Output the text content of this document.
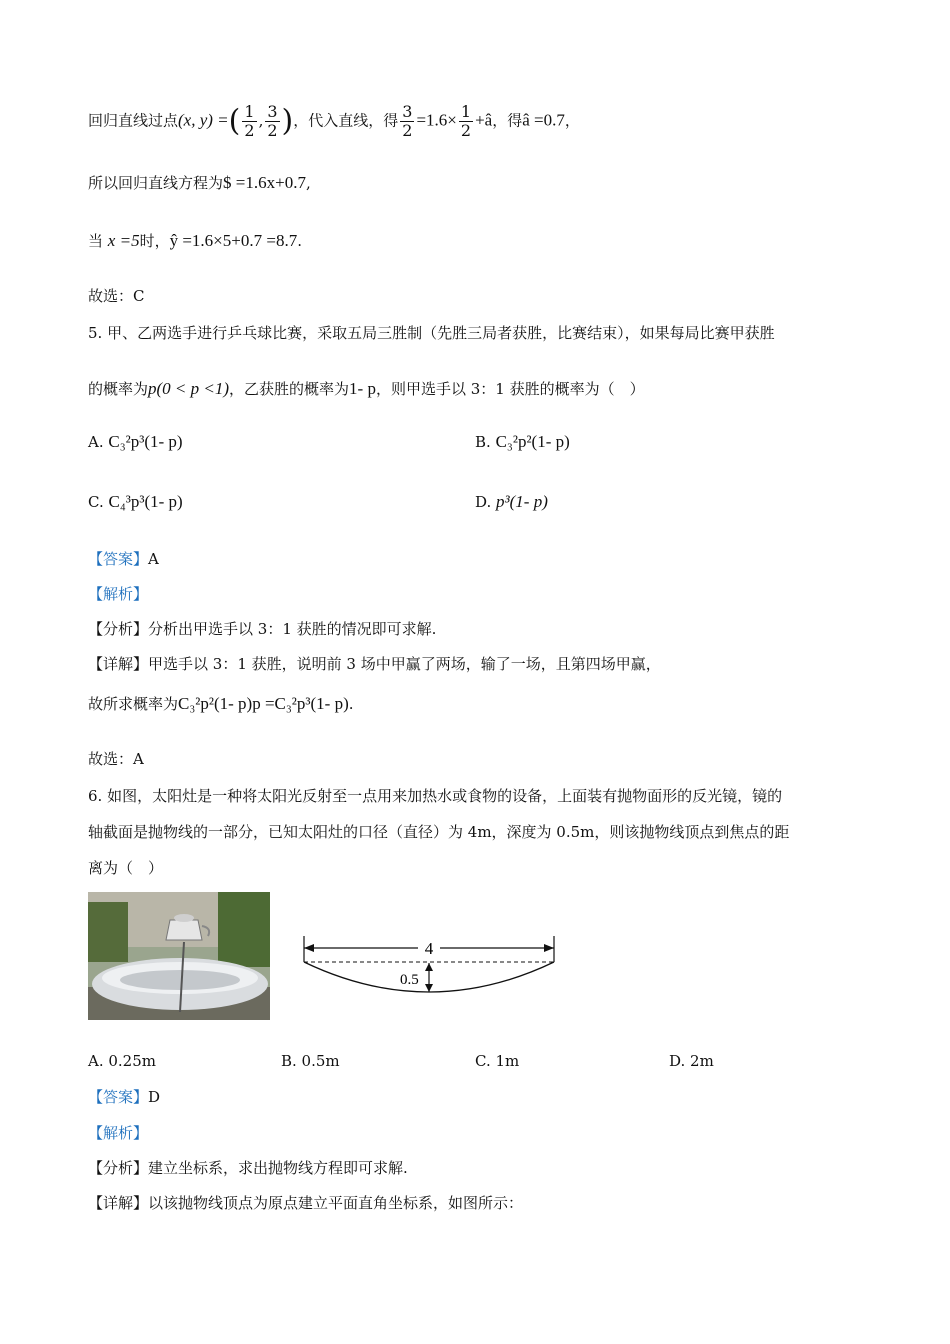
回归直线过点(x, y) =( $\frac{1}{2}$ , $\frac{3}{2}$ )，代入直线，得 $\frac{3}{2} =1.6\times \frac{1}{2}$ +â，得â =0.7，
所以回归直线方程为$ =1.6x+0.7,
当 x =5时，ŷ =1.6×5+0.7 =8.7.
故选：C
5. 甲、乙两选手进行乒乓球比赛，采取五局三胜制（先胜三局者获胜，比赛结束），如果每局比赛甲获胜
的概率为p(0 < p <1)，乙获胜的概率为1- p，则甲选手以 3：1 获胜的概率为（　）
A. C₃²p³(1- p)	B. C₃²p²(1- p)
C. C₄³p³(1- p)	D. p³(1- p)
【答案】A
【解析】
【分析】分析出甲选手以 3：1 获胜的情况即可求解.
【详解】甲选手以 3：1 获胜，说明前 3 场中甲赢了两场，输了一场，且第四场甲赢，
故所求概率为C₃²p²(1- p)p =C₃²p³(1- p).
故选：A
6. 如图，太阳灶是一种将太阳光反射至一点用来加热水或食物的设备，上面装有抛物面形的反光镜，镜的
轴截面是抛物线的一部分，已知太阳灶的口径（直径）为 4m，深度为 0.5m，则该抛物线顶点到焦点的距
离为（　）
4
0.5
A. 0.25m	B. 0.5m	C. 1m	D. 2m
【答案】D
【解析】
【分析】建立坐标系，求出抛物线方程即可求解.
【详解】以该抛物线顶点为原点建立平面直角坐标系，如图所示：
